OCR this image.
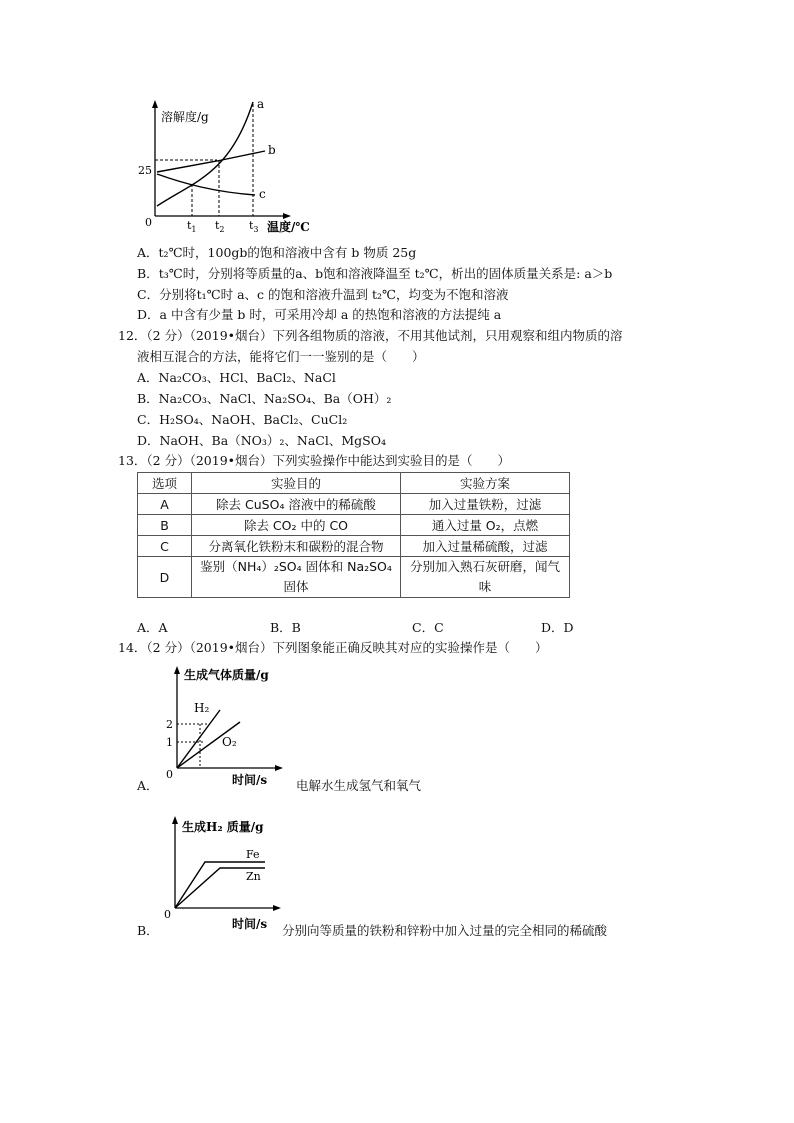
溶解度/g
25
0
a
b
c
$t_1$ $t_2$ $t_3$ 温度/℃
A．t₂℃时，100gb的饱和溶液中含有 b 物质 25g
B．t₃℃时，分别将等质量的a、b饱和溶液降温至 t₂℃，析出的固体质量关系是: a＞b
C．分别将t₁℃时 a、c 的饱和溶液升温到 t₂℃，均变为不饱和溶液
D．a 中含有少量 b 时，可采用冷却 a 的热饱和溶液的方法提纯 a
12．（2 分）（2019•烟台）下列各组物质的溶液，不用其他试剂，只用观察和组内物质的溶
液相互混合的方法，能将它们一一鉴别的是（　　）
A．Na₂CO₃、HCl、BaCl₂、NaCl
B．Na₂CO₃、NaCl、Na₂SO₄、Ba（OH）₂
C．H₂SO₄、NaOH、BaCl₂、CuCl₂
D．NaOH、Ba（NO₃）₂、NaCl、MgSO₄
13．（2 分）（2019•烟台）下列实验操作中能达到实验目的是（　　）
选项	实验目的	实验方案
A	除去 CuSO₄ 溶液中的稀硫酸	加入过量铁粉，过滤
B	除去 CO₂ 中的 CO	通入过量 O₂，点燃
C	分离氧化铁粉末和碳粉的混合物	加入过量稀硫酸，过滤
D	鉴别（NH₄）₂SO₄ 固体和 Na₂SO₄ 固体	分别加入熟石灰研磨，闻气味
A．A	B．B	C．C	D．D
14．（2 分）（2019•烟台）下列图象能正确反映其对应的实验操作是（　　）
生成气体质量/g
2
1
0
H₂
O₂
时间/s
A．	电解水生成氢气和氧气
生成H₂ 质量/g
0
Fe
Zn
时间/s
B．	分别向等质量的铁粉和锌粉中加入过量的完全相同的稀硫酸
